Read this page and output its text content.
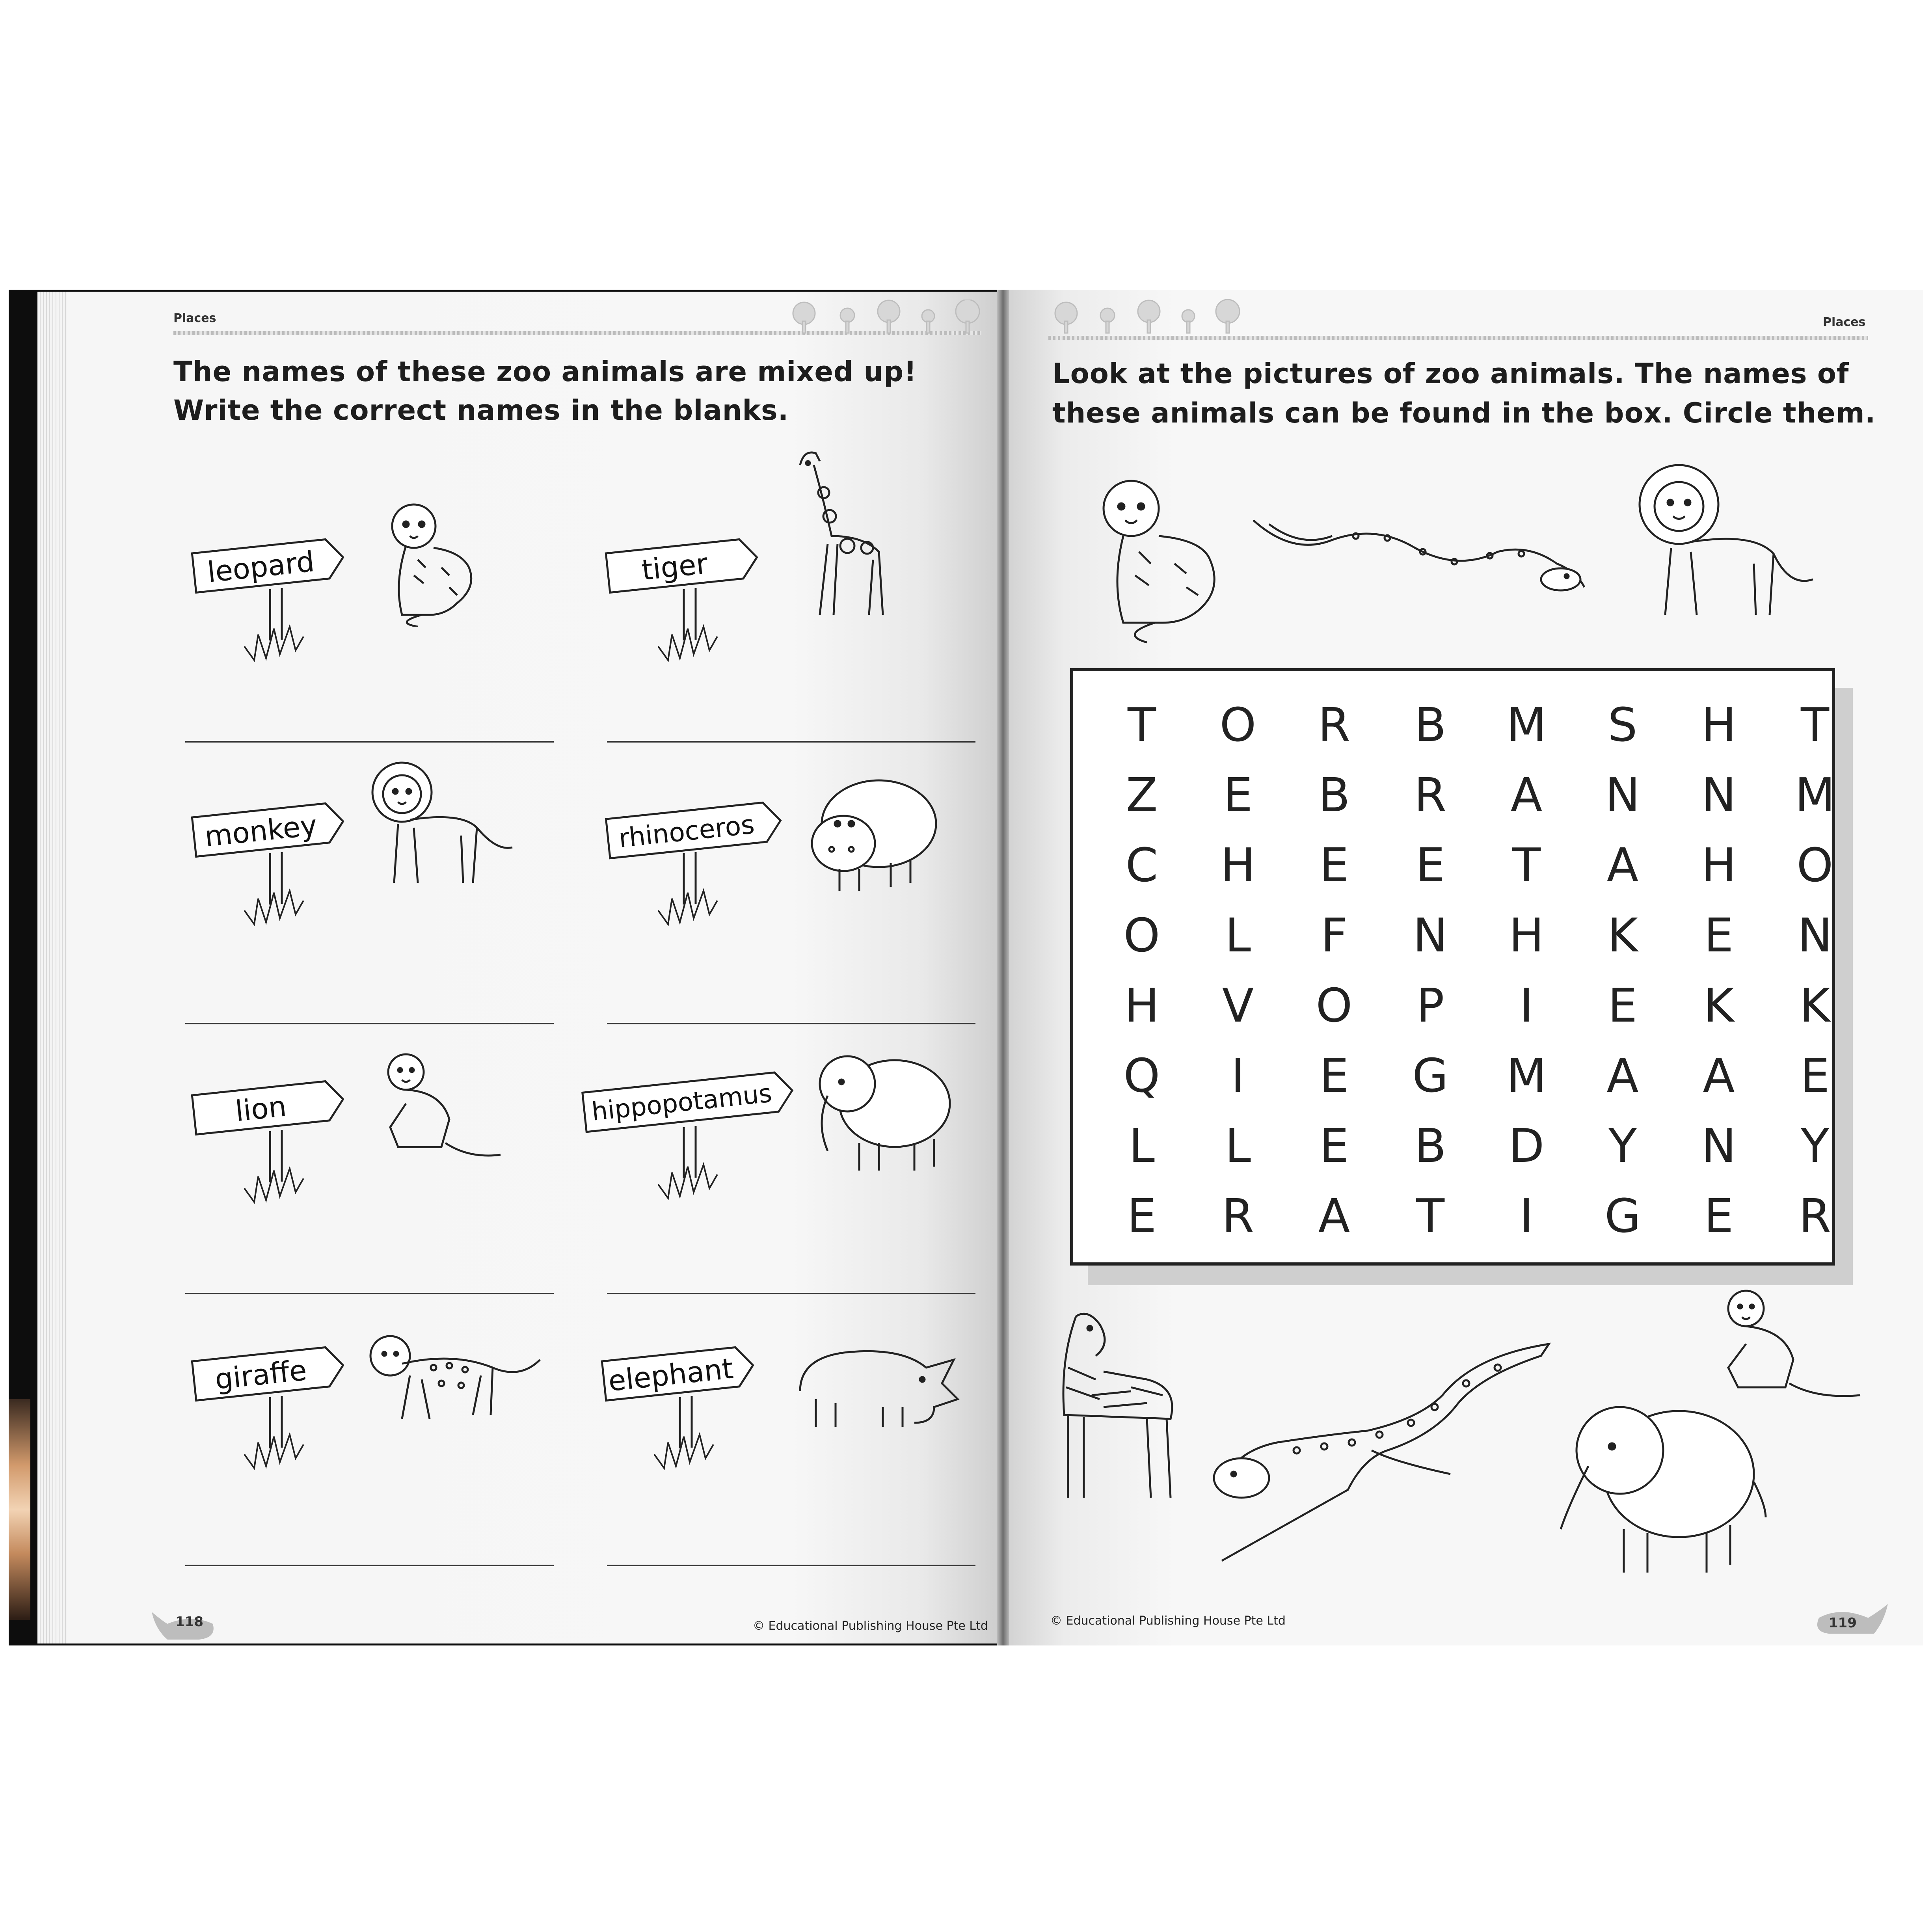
Places
The names of these zoo animals are mixed up!
Write the correct names in the blanks.
leopard	tiger
monkey	rhinoceros
lion	hippopotamus
giraffe	elephant
118	© Educational Publishing House Pte Ltd
Places
Look at the pictures of zoo animals. The names of
these animals can be found in the box. Circle them.
T	O	R	B	M	S	H	T
Z	E	B	R	A	N	N	M
C	H	E	E	T	A	H	O
O	L	F	N	H	K	E	N
H	V	O	P	I	E	K	K
Q	I	E	G	M	A	A	E
L	L	E	B	D	Y	N	Y
E	R	A	T	I	G	E	R
© Educational Publishing House Pte Ltd	119
